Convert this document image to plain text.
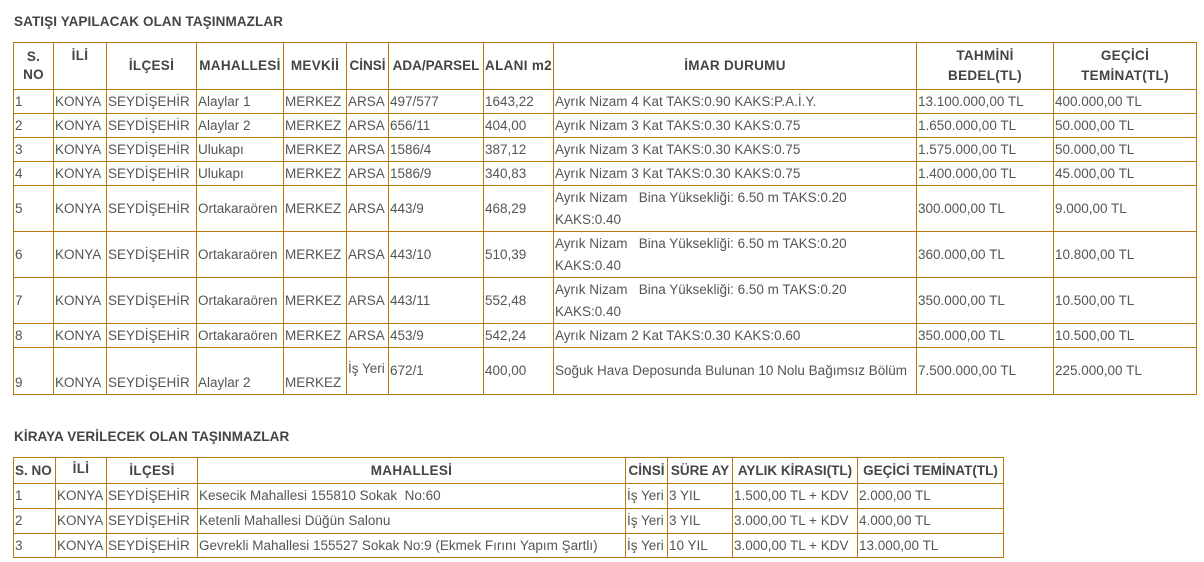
SATIŞI YAPILACAK OLAN TAŞINMAZLAR
S. NO	İLİ	İLÇESİ	MAHALLESİ	MEVKİİ	CİNSİ	ADA/PARSEL	ALANI m2	İMAR DURUMU	TAHMİNİ BEDEL(TL)	GEÇİCİ TEMİNAT(TL)
1	KONYA	SEYDİŞEHİR	Alaylar 1	MERKEZ	ARSA	497/577	1643,22	Ayrık Nizam 4 Kat TAKS:0.90 KAKS:P.A.İ.Y.	13.100.000,00 TL	400.000,00 TL
2	KONYA	SEYDİŞEHİR	Alaylar 2	MERKEZ	ARSA	656/11	404,00	Ayrık Nizam 3 Kat TAKS:0.30 KAKS:0.75	1.650.000,00 TL	50.000,00 TL
3	KONYA	SEYDİŞEHİR	Ulukapı	MERKEZ	ARSA	1586/4	387,12	Ayrık Nizam 3 Kat TAKS:0.30 KAKS:0.75	1.575.000,00 TL	50.000,00 TL
4	KONYA	SEYDİŞEHİR	Ulukapı	MERKEZ	ARSA	1586/9	340,83	Ayrık Nizam 3 Kat TAKS:0.30 KAKS:0.75	1.400.000,00 TL	45.000,00 TL
5	KONYA	SEYDİŞEHİR	Ortakaraören	MERKEZ	ARSA	443/9	468,29	Ayrık Nizam   Bina Yüksekliği: 6.50 m TAKS:0.20 KAKS:0.40	300.000,00 TL	9.000,00 TL
6	KONYA	SEYDİŞEHİR	Ortakaraören	MERKEZ	ARSA	443/10	510,39	Ayrık Nizam   Bina Yüksekliği: 6.50 m TAKS:0.20 KAKS:0.40	360.000,00 TL	10.800,00 TL
7	KONYA	SEYDİŞEHİR	Ortakaraören	MERKEZ	ARSA	443/11	552,48	Ayrık Nizam   Bina Yüksekliği: 6.50 m TAKS:0.20 KAKS:0.40	350.000,00 TL	10.500,00 TL
8	KONYA	SEYDİŞEHİR	Ortakaraören	MERKEZ	ARSA	453/9	542,24	Ayrık Nizam 2 Kat TAKS:0.30 KAKS:0.60	350.000,00 TL	10.500,00 TL
9	KONYA	SEYDİŞEHİR	Alaylar 2	MERKEZ	İş Yeri	672/1	400,00	Soğuk Hava Deposunda Bulunan 10 Nolu Bağımsız Bölüm	7.500.000,00 TL	225.000,00 TL
KİRAYA VERİLECEK OLAN TAŞINMAZLAR
S. NO	İLİ	İLÇESİ	MAHALLESİ	CİNSİ	SÜRE AY	AYLIK KİRASI(TL)	GEÇİCİ TEMİNAT(TL)
1	KONYA	SEYDİŞEHİR	Kesecik Mahallesi 155810 Sokak  No:60	İş Yeri	3 YIL	1.500,00 TL + KDV	2.000,00 TL
2	KONYA	SEYDİŞEHİR	Ketenli Mahallesi Düğün Salonu	İş Yeri	3 YIL	3.000,00 TL + KDV	4.000,00 TL
3	KONYA	SEYDİŞEHİR	Gevrekli Mahallesi 155527 Sokak No:9 (Ekmek Fırını Yapım Şartlı)	İş Yeri	10 YIL	3.000,00 TL + KDV	13.000,00 TL
